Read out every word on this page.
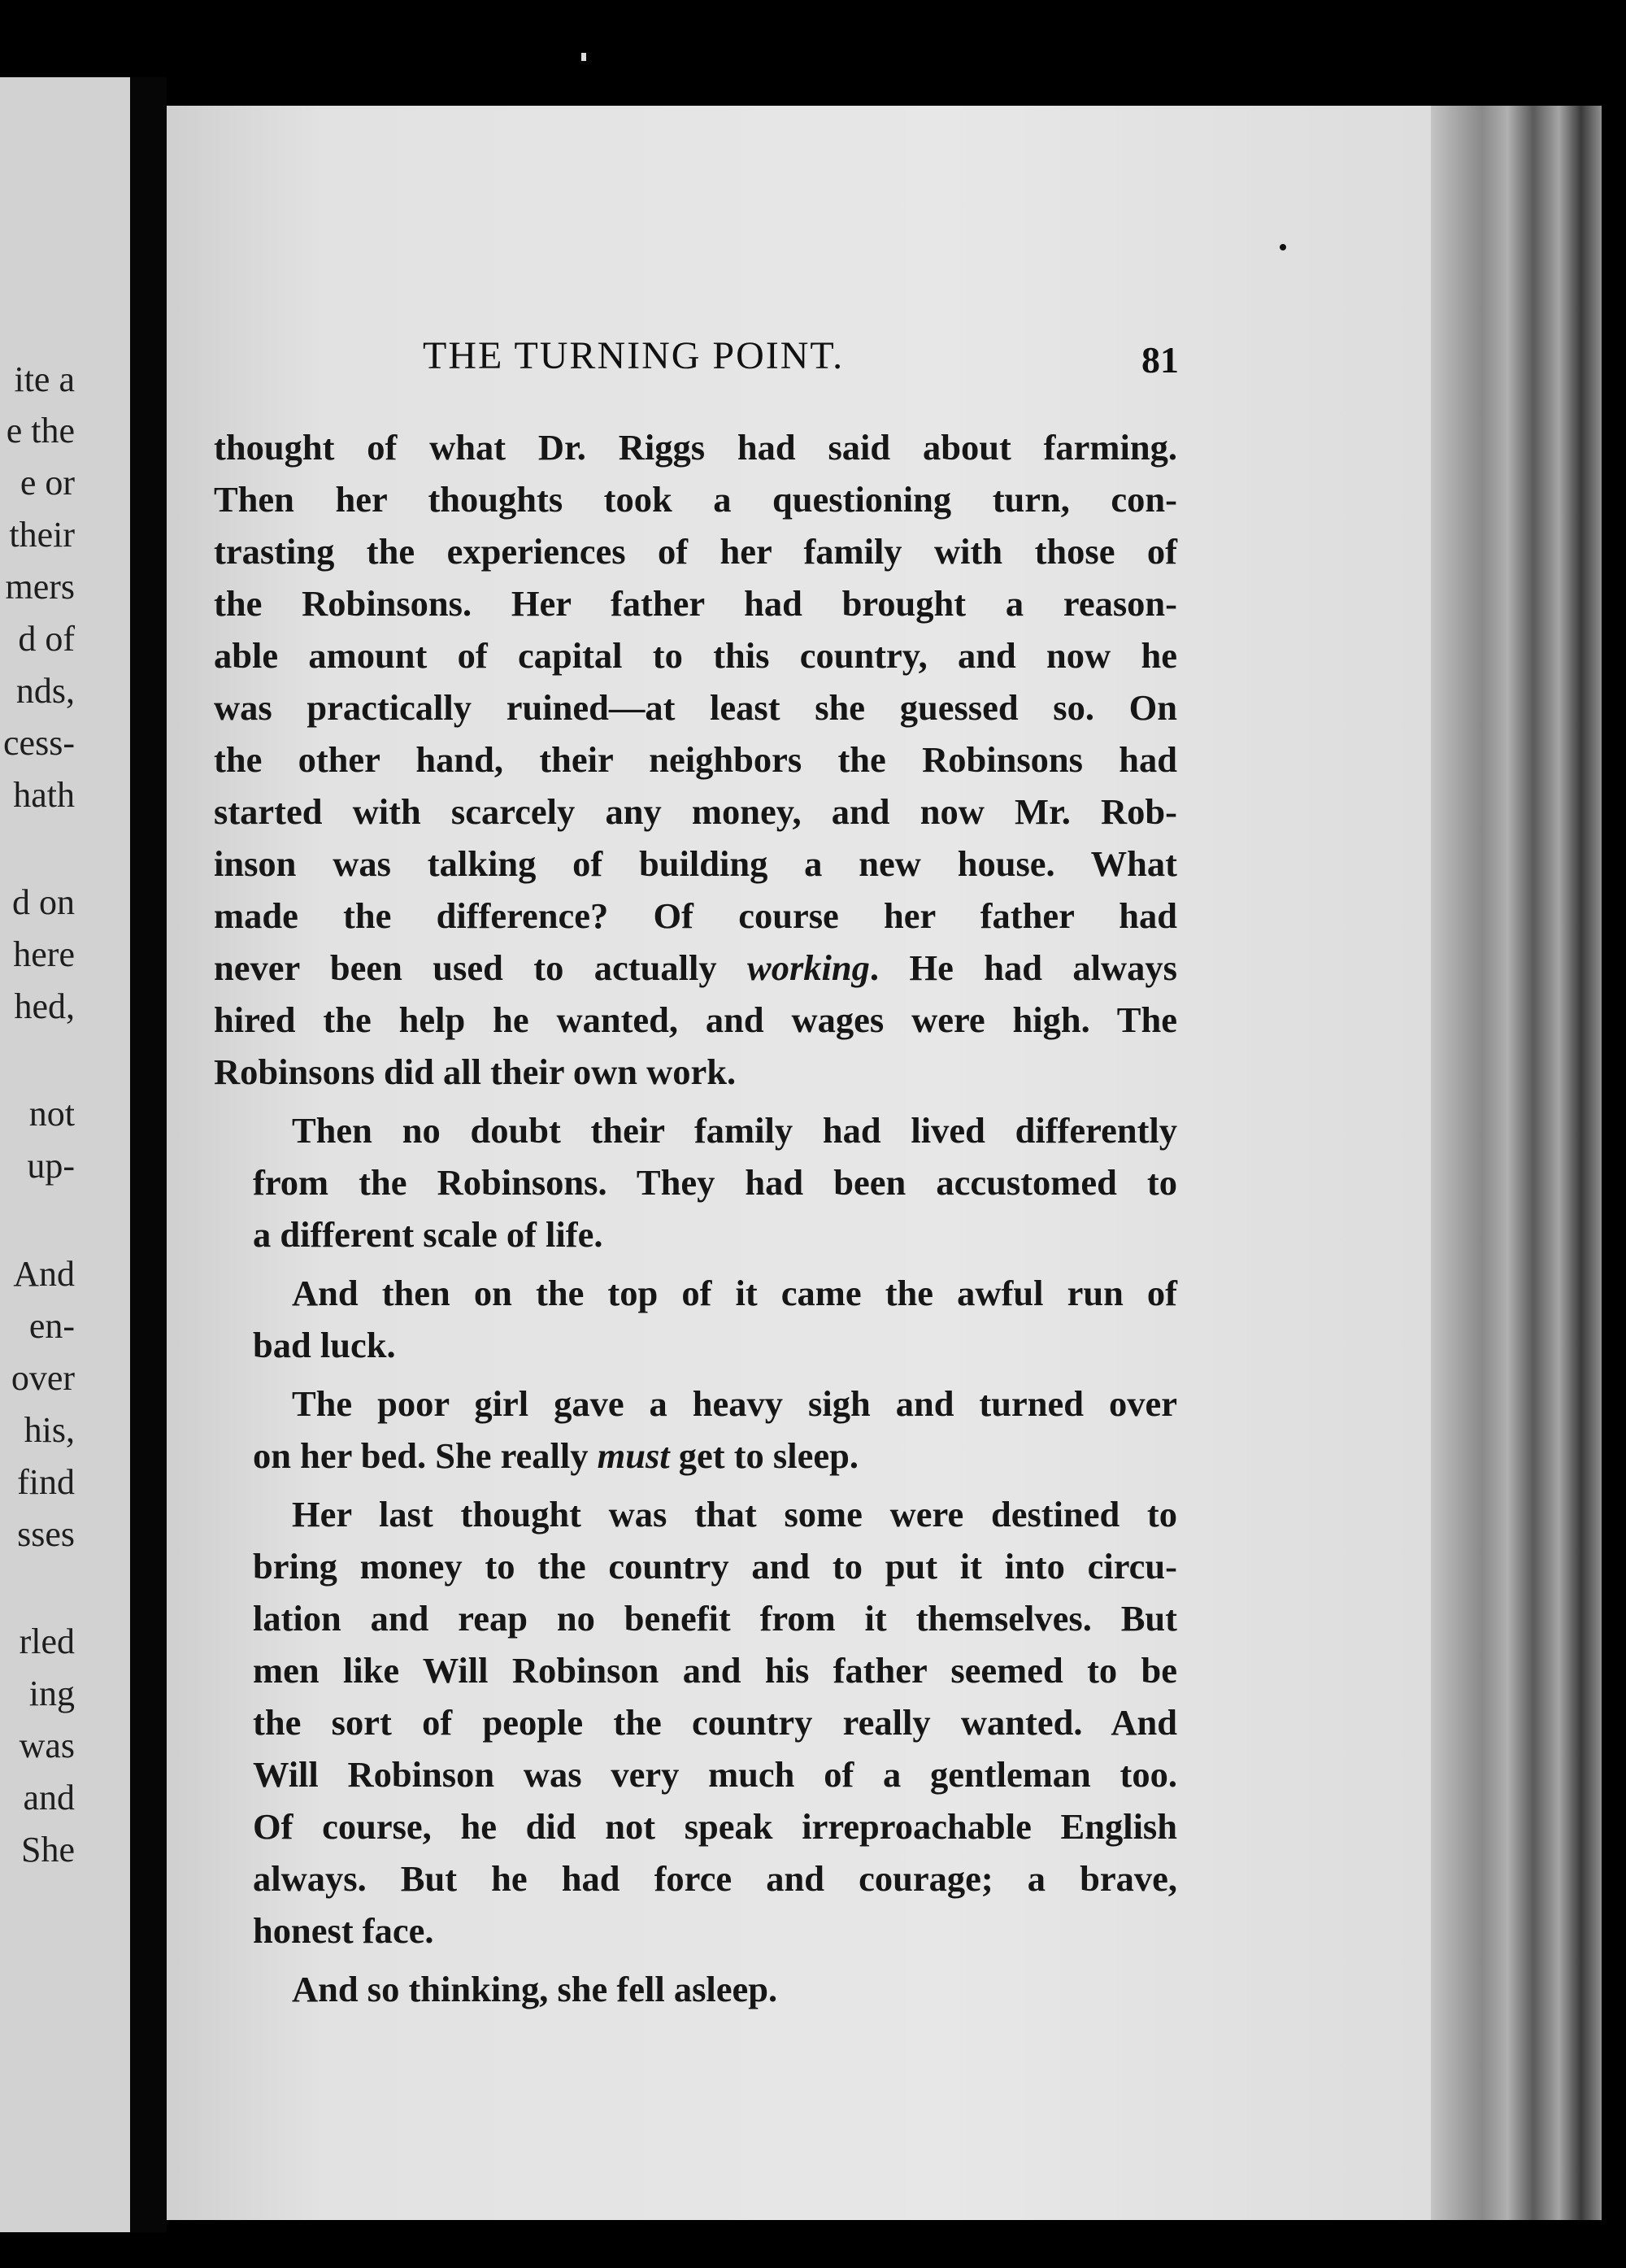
ite a
e the
e or
their
mers
d of
nds,
cess-
hath
d on
here
hed,
not
up-
And
en-
over
his,
find
sses
rled
ing
was
and
She
THE TURNING POINT.	81
thought of what Dr. Riggs had said about farming.
Then her thoughts took a questioning turn, con-
trasting the experiences of her family with those of
the Robinsons. Her father had brought a reason-
able amount of capital to this country, and now he
was practically ruined—at least she guessed so. On
the other hand, their neighbors the Robinsons had
started with scarcely any money, and now Mr. Rob-
inson was talking of building a new house. What
made the difference? Of course her father had
never been used to actually working. He had always
hired the help he wanted, and wages were high. The
Robinsons did all their own work.
Then no doubt their family had lived differently
from the Robinsons. They had been accustomed to
a different scale of life.
And then on the top of it came the awful run of
bad luck.
The poor girl gave a heavy sigh and turned over
on her bed. She really must get to sleep.
Her last thought was that some were destined to
bring money to the country and to put it into circu-
lation and reap no benefit from it themselves. But
men like Will Robinson and his father seemed to be
the sort of people the country really wanted. And
Will Robinson was very much of a gentleman too.
Of course, he did not speak irreproachable English
always. But he had force and courage; a brave,
honest face.
And so thinking, she fell asleep.
